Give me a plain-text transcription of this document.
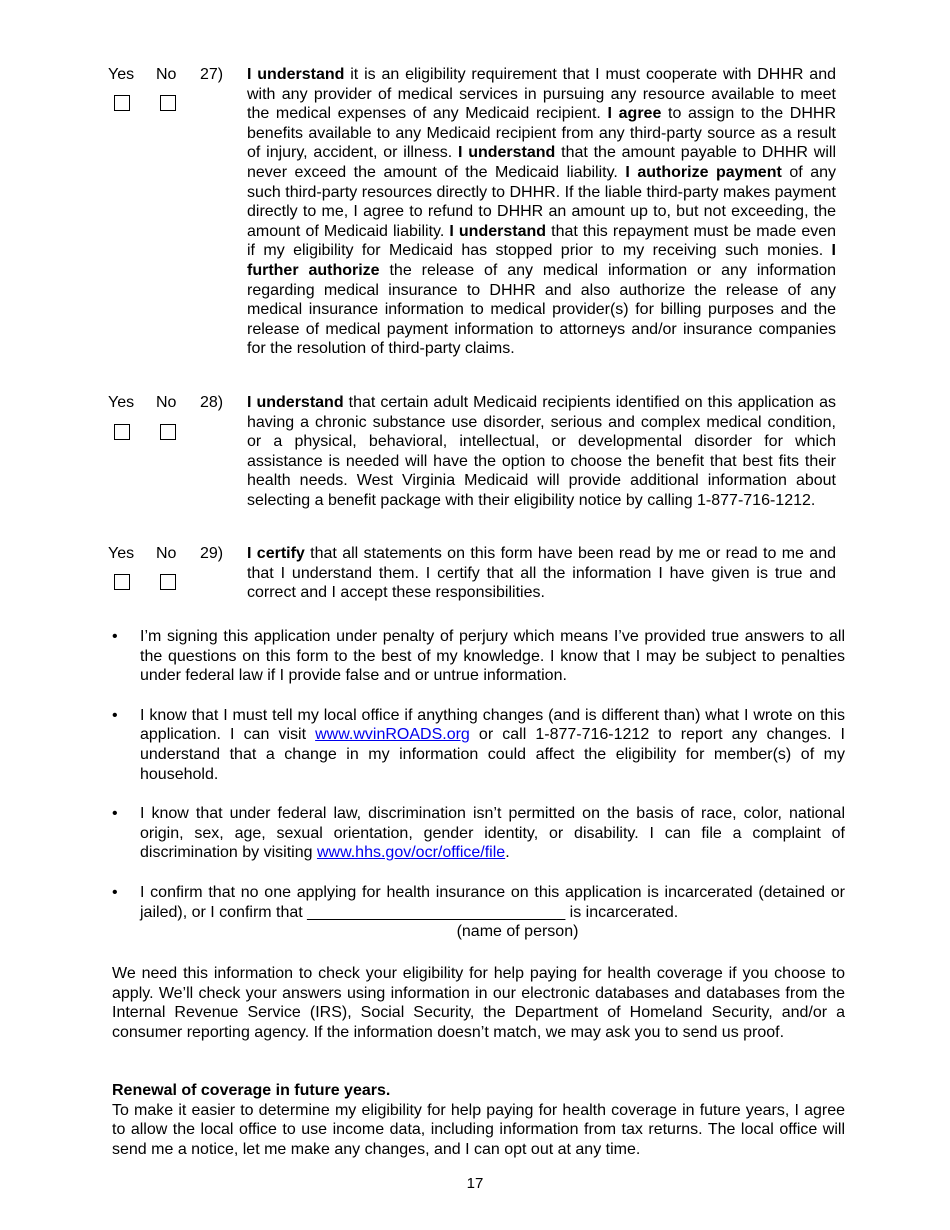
Yes No 27) I understand it is an eligibility requirement that I must cooperate with DHHR and with any provider of medical services in pursuing any resource available to meet the medical expenses of any Medicaid recipient. I agree to assign to the DHHR benefits available to any Medicaid recipient from any third-party source as a result of injury, accident, or illness. I understand that the amount payable to DHHR will never exceed the amount of the Medicaid liability. I authorize payment of any such third-party resources directly to DHHR. If the liable third-party makes payment directly to me, I agree to refund to DHHR an amount up to, but not exceeding, the amount of Medicaid liability. I understand that this repayment must be made even if my eligibility for Medicaid has stopped prior to my receiving such monies. I further authorize the release of any medical information or any information regarding medical insurance to DHHR and also authorize the release of any medical insurance information to medical provider(s) for billing purposes and the release of medical payment information to attorneys and/or insurance companies for the resolution of third-party claims.
Yes No 28) I understand that certain adult Medicaid recipients identified on this application as having a chronic substance use disorder, serious and complex medical condition, or a physical, behavioral, intellectual, or developmental disorder for which assistance is needed will have the option to choose the benefit that best fits their health needs. West Virginia Medicaid will provide additional information about selecting a benefit package with their eligibility notice by calling 1-877-716-1212.
Yes No 29) I certify that all statements on this form have been read by me or read to me and that I understand them. I certify that all the information I have given is true and correct and I accept these responsibilities.
• I’m signing this application under penalty of perjury which means I’ve provided true answers to all the questions on this form to the best of my knowledge. I know that I may be subject to penalties under federal law if I provide false and or untrue information.
• I know that I must tell my local office if anything changes (and is different than) what I wrote on this application. I can visit www.wvinROADS.org or call 1-877-716-1212 to report any changes. I understand that a change in my information could affect the eligibility for member(s) of my household.
• I know that under federal law, discrimination isn’t permitted on the basis of race, color, national origin, sex, age, sexual orientation, gender identity, or disability. I can file a complaint of discrimination by visiting www.hhs.gov/ocr/office/file.
• I confirm that no one applying for health insurance on this application is incarcerated (detained or jailed), or I confirm that _____________________________ is incarcerated.
(name of person)
We need this information to check your eligibility for help paying for health coverage if you choose to apply. We’ll check your answers using information in our electronic databases and databases from the Internal Revenue Service (IRS), Social Security, the Department of Homeland Security, and/or a consumer reporting agency. If the information doesn’t match, we may ask you to send us proof.
Renewal of coverage in future years.
To make it easier to determine my eligibility for help paying for health coverage in future years, I agree to allow the local office to use income data, including information from tax returns. The local office will send me a notice, let me make any changes, and I can opt out at any time.
17
